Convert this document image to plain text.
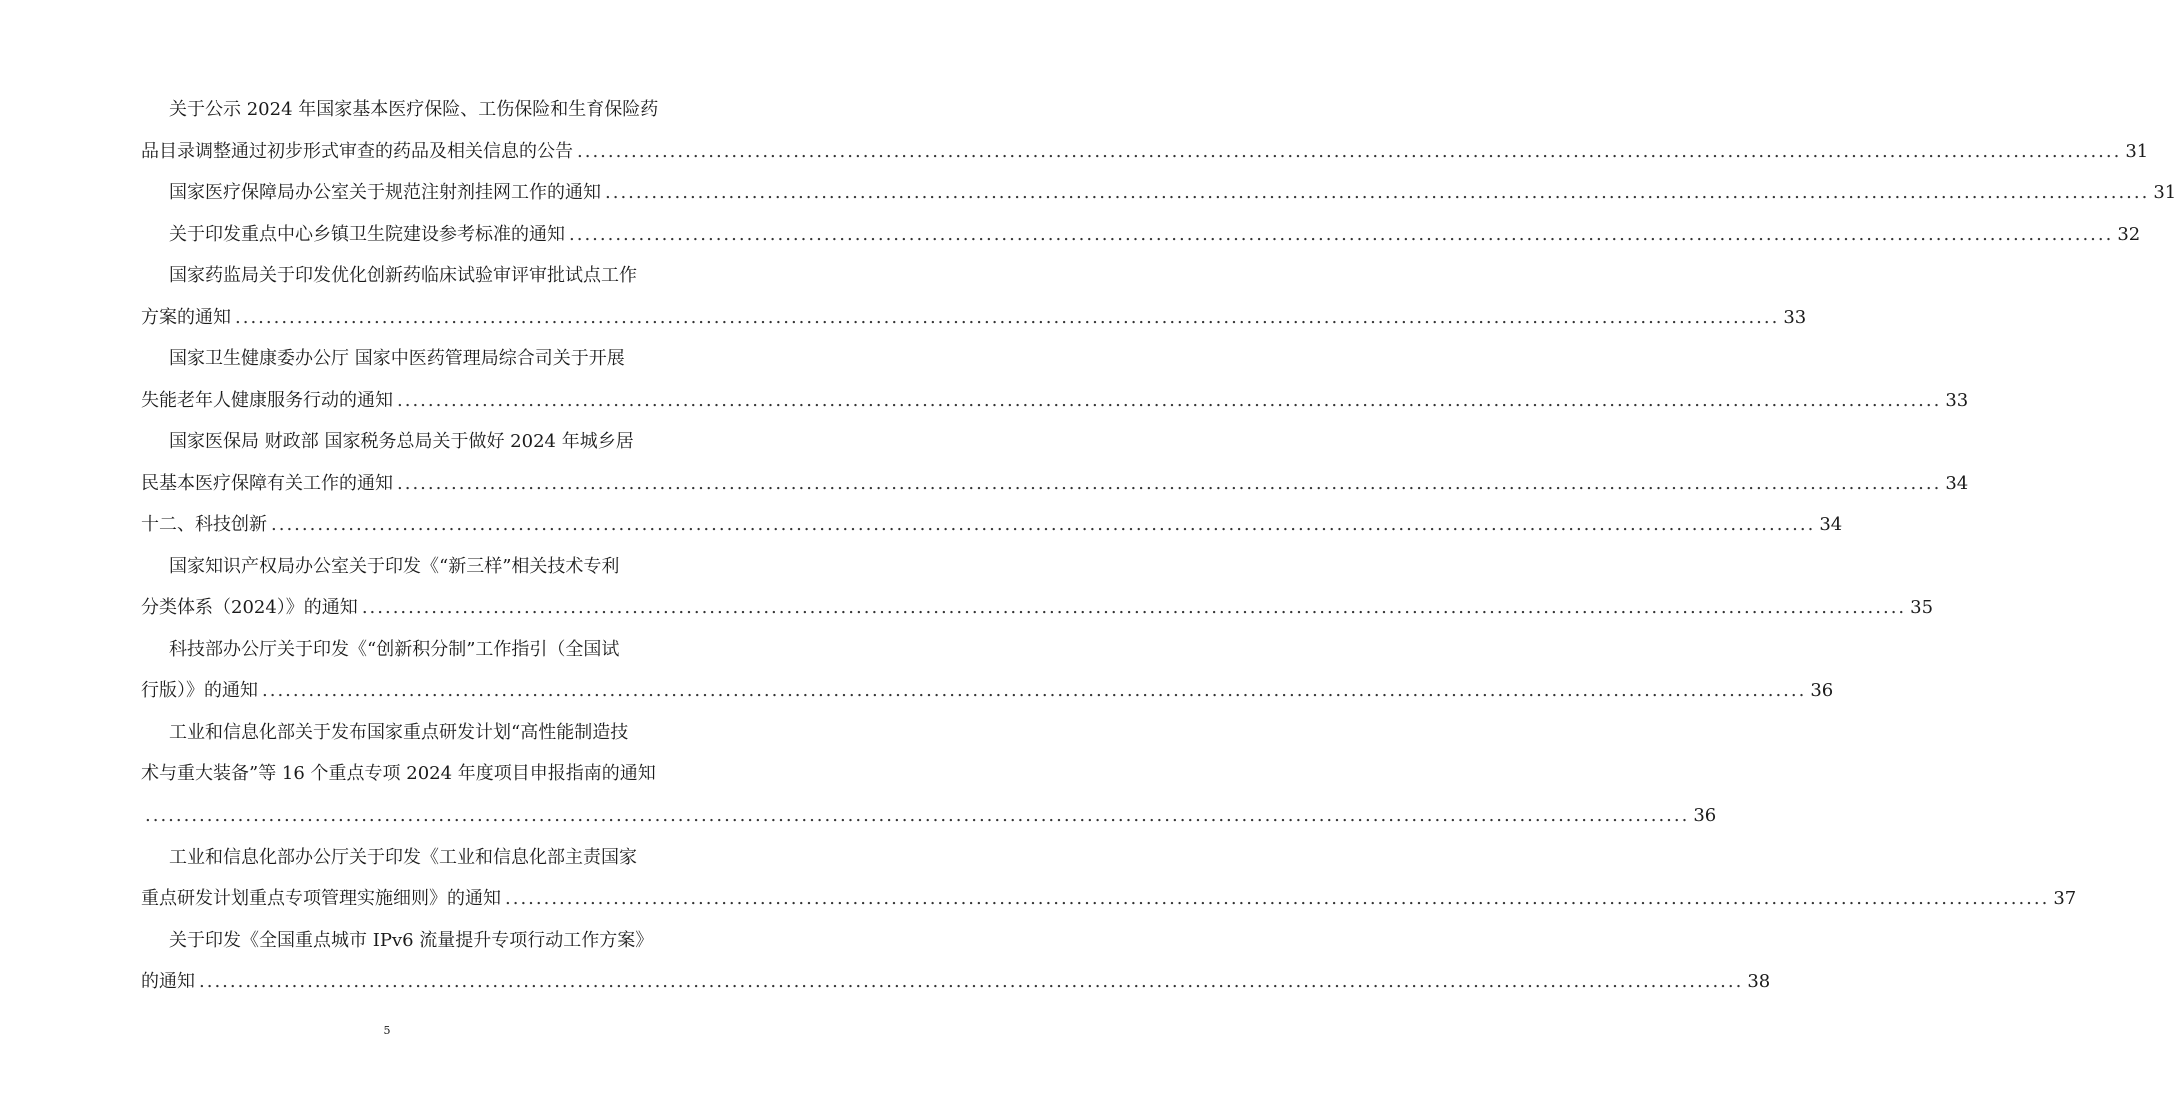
关于公示 2024 年国家基本医疗保险、工伤保险和生育保险药
品目录调整通过初步形式审查的药品及相关信息的公告 ........................................................................................................................................................................................................ 31
国家医疗保障局办公室关于规范注射剂挂网工作的通知 ........................................................................................................................................................................................................ 31
关于印发重点中心乡镇卫生院建设参考标准的通知 ........................................................................................................................................................................................................ 32
国家药监局关于印发优化创新药临床试验审评审批试点工作
方案的通知 ........................................................................................................................................................................................................ 33
国家卫生健康委办公厅 国家中医药管理局综合司关于开展
失能老年人健康服务行动的通知 ........................................................................................................................................................................................................ 33
国家医保局 财政部 国家税务总局关于做好 2024 年城乡居
民基本医疗保障有关工作的通知 ........................................................................................................................................................................................................ 34
十二、科技创新 ........................................................................................................................................................................................................ 34
国家知识产权局办公室关于印发《“新三样”相关技术专利
分类体系（2024）》的通知 ........................................................................................................................................................................................................ 35
科技部办公厅关于印发《“创新积分制”工作指引（全国试
行版）》的通知 ........................................................................................................................................................................................................ 36
工业和信息化部关于发布国家重点研发计划“高性能制造技
术与重大装备”等 16 个重点专项 2024 年度项目申报指南的通知
........................................................................................................................................................................................................ 36
工业和信息化部办公厅关于印发《工业和信息化部主责国家
重点研发计划重点专项管理实施细则》的通知 ........................................................................................................................................................................................................ 37
关于印发《全国重点城市 IPv6 流量提升专项行动工作方案》
的通知 ........................................................................................................................................................................................................ 38
5
